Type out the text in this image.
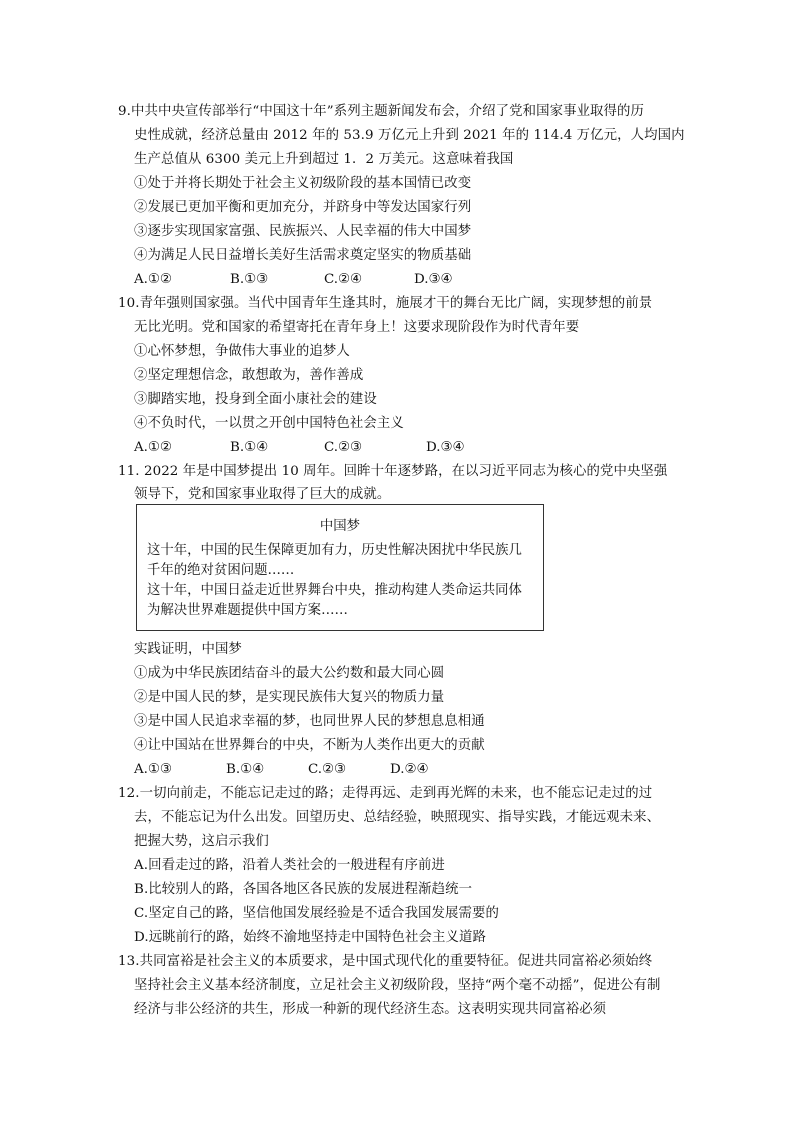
9.中共中央宣传部举行“中国这十年”系列主题新闻发布会，介绍了党和国家事业取得的历
史性成就，经济总量由 2012 年的 53.9 万亿元上升到 2021 年的 114.4 万亿元，人均国内
生产总值从 6300 美元上升到超过 1．2 万美元。这意味着我国
①处于并将长期处于社会主义初级阶段的基本国情已改变
②发展已更加平衡和更加充分，并跻身中等发达国家行列
③逐步实现国家富强、民族振兴、人民幸福的伟大中国梦
④为满足人民日益增长美好生活需求奠定坚实的物质基础
A.①②	B.①③	C.②④	D.③④
10.青年强则国家强。当代中国青年生逢其时，施展才干的舞台无比广阔，实现梦想的前景
无比光明。党和国家的希望寄托在青年身上！这要求现阶段作为时代青年要
①心怀梦想，争做伟大事业的追梦人
②坚定理想信念，敢想敢为，善作善成
③脚踏实地，投身到全面小康社会的建设
④不负时代，一以贯之开创中国特色社会主义
A.①②	B.①④	C.②③	D.③④
11. 2022 年是中国梦提出 10 周年。回眸十年逐梦路，在以习近平同志为核心的党中央坚强
领导下，党和国家事业取得了巨大的成就。
中国梦
这十年，中国的民生保障更加有力，历史性解决困扰中华民族几
千年的绝对贫困问题……
这十年，中国日益走近世界舞台中央，推动构建人类命运共同体
为解决世界难题提供中国方案……
实践证明，中国梦
①成为中华民族团结奋斗的最大公约数和最大同心圆
②是中国人民的梦，是实现民族伟大复兴的物质力量
③是中国人民追求幸福的梦，也同世界人民的梦想息息相通
④让中国站在世界舞台的中央，不断为人类作出更大的贡献
A.①③	B.①④	C.②③	D.②④
12.一切向前走，不能忘记走过的路；走得再远、走到再光辉的未来，也不能忘记走过的过
去，不能忘记为什么出发。回望历史、总结经验，映照现实、指导实践，才能远观未来、
把握大势，这启示我们
A.回看走过的路，沿着人类社会的一般进程有序前进
B.比较别人的路，各国各地区各民族的发展进程渐趋统一
C.坚定自己的路，坚信他国发展经验是不适合我国发展需要的
D.远眺前行的路，始终不渝地坚持走中国特色社会主义道路
13.共同富裕是社会主义的本质要求，是中国式现代化的重要特征。促进共同富裕必须始终
坚持社会主义基本经济制度，立足社会主义初级阶段，坚持“两个毫不动摇”，促进公有制
经济与非公经济的共生，形成一种新的现代经济生态。这表明实现共同富裕必须
